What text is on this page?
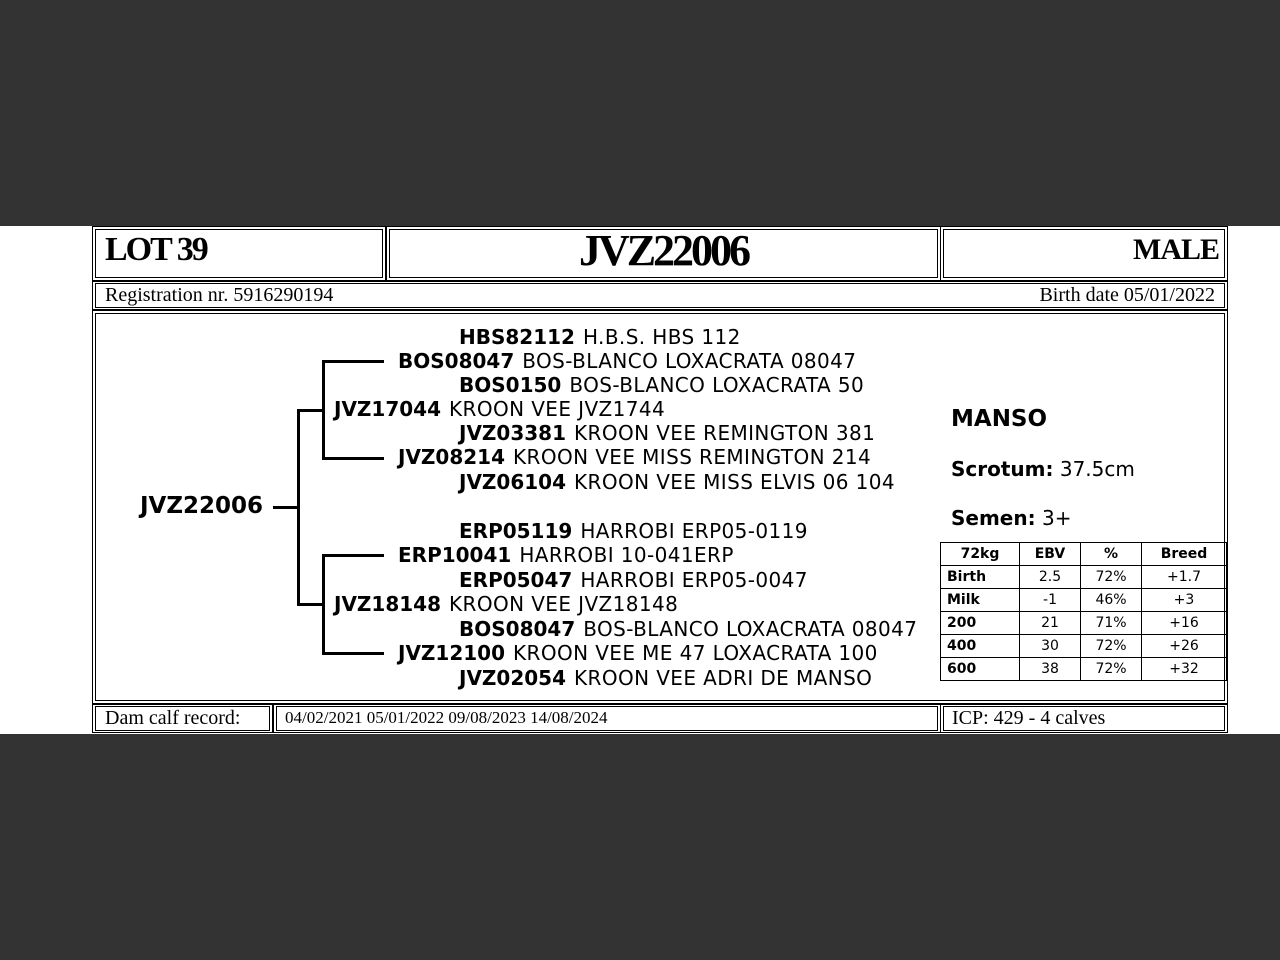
LOT 39	JVZ22006	MALE
Registration nr. 5916290194	Birth date 05/01/2022
JVZ22006
HBS82112 H.B.S. HBS 112
BOS08047 BOS-BLANCO LOXACRATA 08047
BOS0150 BOS-BLANCO LOXACRATA 50
JVZ17044 KROON VEE JVZ1744
JVZ03381 KROON VEE REMINGTON 381
JVZ08214 KROON VEE MISS REMINGTON 214
JVZ06104 KROON VEE MISS ELVIS 06 104
ERP05119 HARROBI ERP05-0119
ERP10041 HARROBI 10-041ERP
ERP05047 HARROBI ERP05-0047
JVZ18148 KROON VEE JVZ18148
BOS08047 BOS-BLANCO LOXACRATA 08047
JVZ12100 KROON VEE ME 47 LOXACRATA 100
JVZ02054 KROON VEE ADRI DE MANSO
MANSO
Scrotum: 37.5cm
Semen: 3+
72kg	EBV	%	Breed
Birth	2.5	72%	+1.7
Milk	-1	46%	+3
200	21	71%	+16
400	30	72%	+26
600	38	72%	+32
Dam calf record:	04/02/2021 05/01/2022 09/08/2023 14/08/2024	ICP: 429 - 4 calves
